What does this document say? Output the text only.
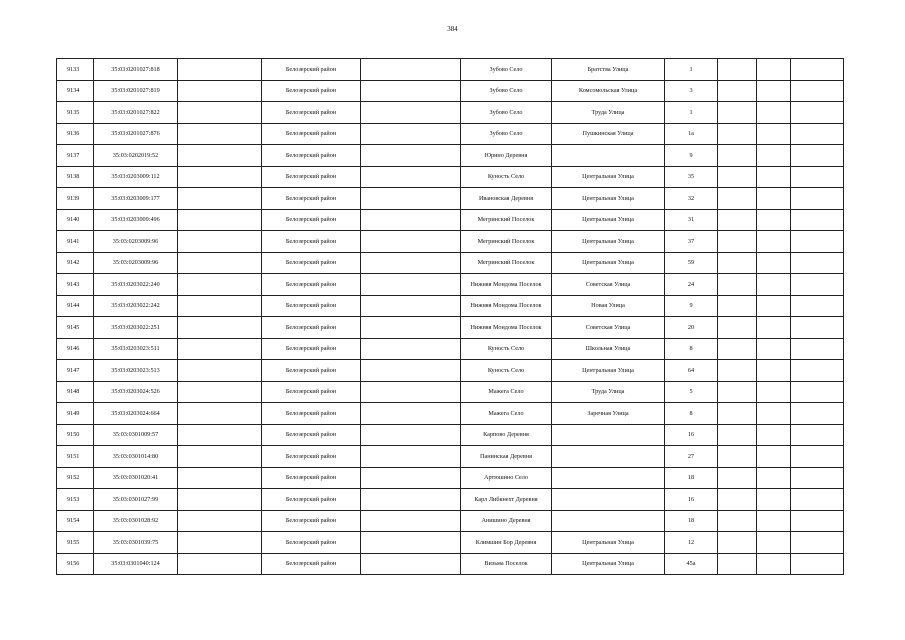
384
9133	35:03:0201027:818		Белозерский район		Зубово Село	Братства Улица	1			
9134	35:03:0201027:819		Белозерский район		Зубово Село	Комсомольская Улица	3			
9135	35:03:0201027:822		Белозерский район		Зубово Село	Труда Улица	1			
9136	35:03:0201027:876		Белозерский район		Зубово Село	Пушкинская Улица	1а			
9137	35:03:0202019:52		Белозерский район		Юрино Деревня		9			
9138	35:03:0203009:112		Белозерский район		Куность Село	Центральная Улица	35			
9139	35:03:0203009:177		Белозерский район		Ивановская Деревня	Центральная Улица	32			
9140	35:03:0203009:496		Белозерский район		Мегринский Поселок	Центральная Улица	31			
9141	35:03:0203009:96		Белозерский район		Мегринский Поселок	Центральная Улица	37			
9142	35:03:0203009:96		Белозерский район		Мегринский Поселок	Центральная Улица	59			
9143	35:03:0203022:240		Белозерский район		Нижняя Мондома Поселок	Советская Улица	24			
9144	35:03:0203022:242		Белозерский район		Нижняя Мондома Поселок	Новая Улица	9			
9145	35:03:0203022:251		Белозерский район		Нижняя Мондома Поселок	Советская Улица	20			
9146	35:03:0203023:511		Белозерский район		Куность Село	Школьная Улица	8			
9147	35:03:0203023:513		Белозерский район		Куность Село	Центральная Улица	64			
9148	35:03:0203024:526		Белозерский район		Мажега Село	Труда Улица	5			
9149	35:03:0203024:664		Белозерский район		Мажега Село	Заречная Улица	8			
9150	35:03:0301009:57		Белозерский район		Карпово Деревня		16			
9151	35:03:0301014:80		Белозерский район		Панинская Деревня		27			
9152	35:03:0301020:41		Белозерский район		Артюшино Село		18			
9153	35:03:0301027:99		Белозерский район		Карл Либкнехт Деревня		16			
9154	35:03:0301028:92		Белозерский район		Анишино Деревня		18			
9155	35:03:0301039:75		Белозерский район		Климшин Бор Деревня	Центральная Улица	12			
9156	35:03:0301040:124		Белозерский район		Визьма Поселок	Центральная Улица	45а			
